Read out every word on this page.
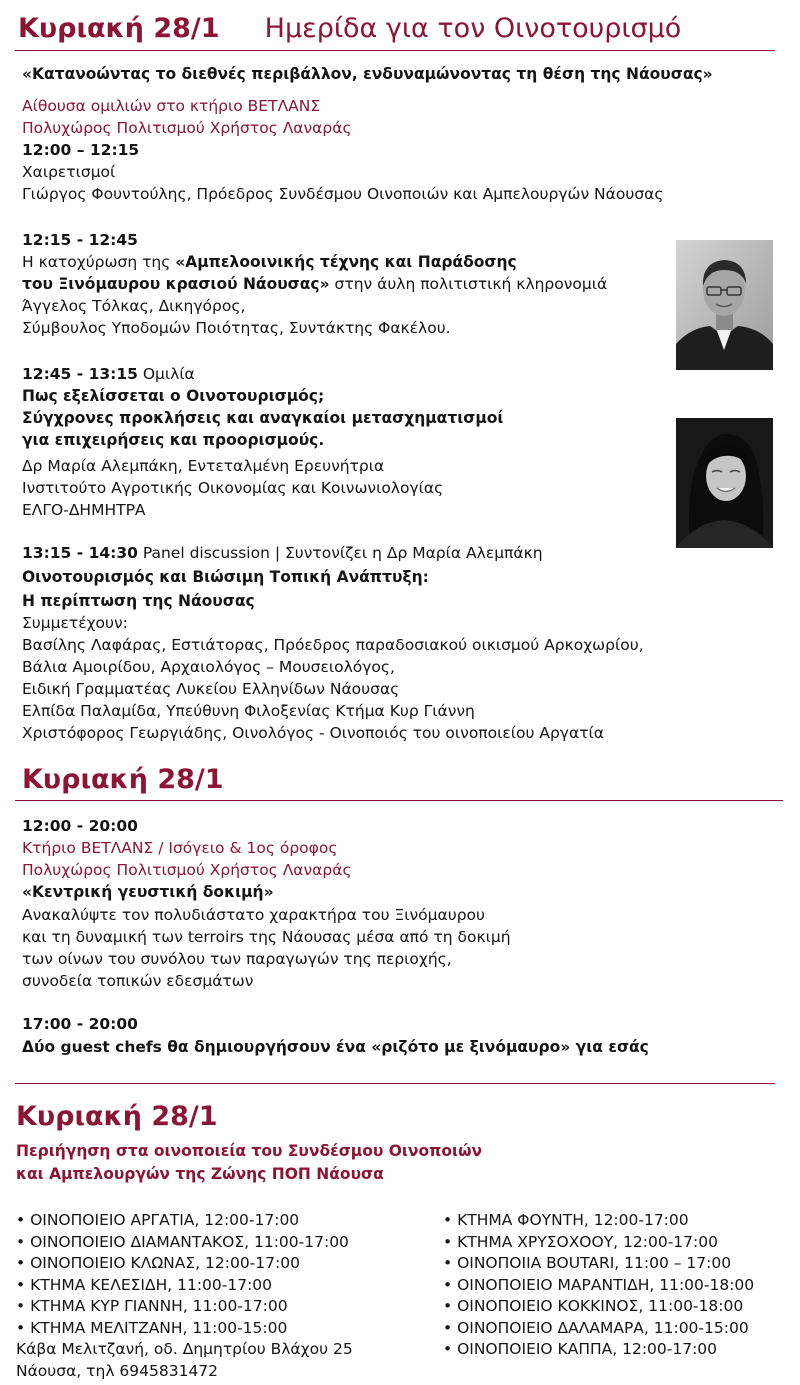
Κυριακή 28/1 Ημερίδα για τον Οινοτουρισμό
«Κατανοώντας το διεθνές περιβάλλον, ενδυναμώνοντας τη θέση της Νάουσας»
Αίθουσα ομιλιών στο κτήριο ΒΕΤΛΑΝΣ
Πολυχώρος Πολιτισμού Χρήστος Λαναράς
12:00 – 12:15
Χαιρετισμοί
Γιώργος Φουντούλης, Πρόεδρος Συνδέσμου Οινοποιών και Αμπελουργών Νάουσας
12:15 - 12:45
Η κατοχύρωση της «Αμπελοοινικής τέχνης και Παράδοσης
του Ξινόμαυρου κρασιού Νάουσας» στην άυλη πολιτιστική κληρονομιά
Άγγελος Τόλκας, Δικηγόρος,
Σύμβουλος Υποδομών Ποιότητας, Συντάκτης Φακέλου.
12:45 - 13:15 Ομιλία
Πως εξελίσσεται ο Οινοτουρισμός;
Σύγχρονες προκλήσεις και αναγκαίοι μετασχηματισμοί
για επιχειρήσεις και προορισμούς.
Δρ Μαρία Αλεμπάκη, Εντεταλμένη Ερευνήτρια
Ινστιτούτο Αγροτικής Οικονομίας και Κοινωνιολογίας
ΕΛΓΟ-ΔΗΜΗΤΡΑ
13:15 - 14:30 Panel discussion | Συντονίζει η Δρ Μαρία Αλεμπάκη
Οινοτουρισμός και Βιώσιμη Τοπική Ανάπτυξη:
Η περίπτωση της Νάουσας
Συμμετέχουν:
Βασίλης Λαφάρας, Εστιάτορας, Πρόεδρος παραδοσιακού οικισμού Αρκοχωρίου,
Βάλια Αμοιρίδου, Αρχαιολόγος – Μουσειολόγος,
Ειδική Γραμματέας Λυκείου Ελληνίδων Νάουσας
Ελπίδα Παλαμίδα, Υπεύθυνη Φιλοξενίας Κτήμα Κυρ Γιάννη
Χριστόφορος Γεωργιάδης, Οινολόγος - Οινοποιός του οινοποιείου Αργατία
Κυριακή 28/1
12:00 - 20:00
Κτήριο ΒΕΤΛΑΝΣ / Ισόγειο & 1ος όροφος
Πολυχώρος Πολιτισμού Χρήστος Λαναράς
«Κεντρική γευστική δοκιμή»
Ανακαλύψτε τον πολυδιάστατο χαρακτήρα του Ξινόμαυρου
και τη δυναμική των terroirs της Νάουσας μέσα από τη δοκιμή
των οίνων του συνόλου των παραγωγών της περιοχής,
συνοδεία τοπικών εδεσμάτων
17:00 - 20:00
Δύο guest chefs θα δημιουργήσουν ένα «ριζότο με ξινόμαυρο» για εσάς
Κυριακή 28/1
Περιήγηση στα οινοποιεία του Συνδέσμου Οινοποιών
και Αμπελουργών της Ζώνης ΠΟΠ Νάουσα
• ΟΙΝΟΠΟΙΕΙΟ ΑΡΓΑΤΙΑ, 12:00-17:00
• ΟΙΝΟΠΟΙΕΙΟ ΔΙΑΜΑΝΤΑΚΟΣ, 11:00-17:00
• ΟΙΝΟΠΟΙΕΙΟ ΚΛΩΝΑΣ, 12:00-17:00
• ΚΤΗΜΑ ΚΕΛΕΣΙΔΗ, 11:00-17:00
• ΚΤΗΜΑ ΚΥΡ ΓΙΑΝΝΗ, 11:00-17:00
• ΚΤΗΜΑ ΜΕΛΙΤΖΑΝΗ, 11:00-15:00
Κάβα Μελιτζανή, οδ. Δημητρίου Βλάχου 25
Νάουσα, τηλ 6945831472
• ΚΤΗΜΑ ΦΟΥΝΤΗ, 12:00-17:00
• ΚΤΗΜΑ ΧΡΥΣΟΧΟΟΥ, 12:00-17:00
• ΟΙΝΟΠΟΙΙΑ BOUTARI, 11:00 – 17:00
• ΟΙΝΟΠΟΙΕΙΟ ΜΑΡΑΝΤΙΔΗ, 11:00-18:00
• ΟΙΝΟΠΟΙΕΙΟ ΚΟΚΚΙΝΟΣ, 11:00-18:00
• ΟΙΝΟΠΟΙΕΙΟ ΔΑΛΑΜΑΡΑ, 11:00-15:00
• ΟΙΝΟΠΟΙΕΙΟ ΚΑΠΠΑ, 12:00-17:00
